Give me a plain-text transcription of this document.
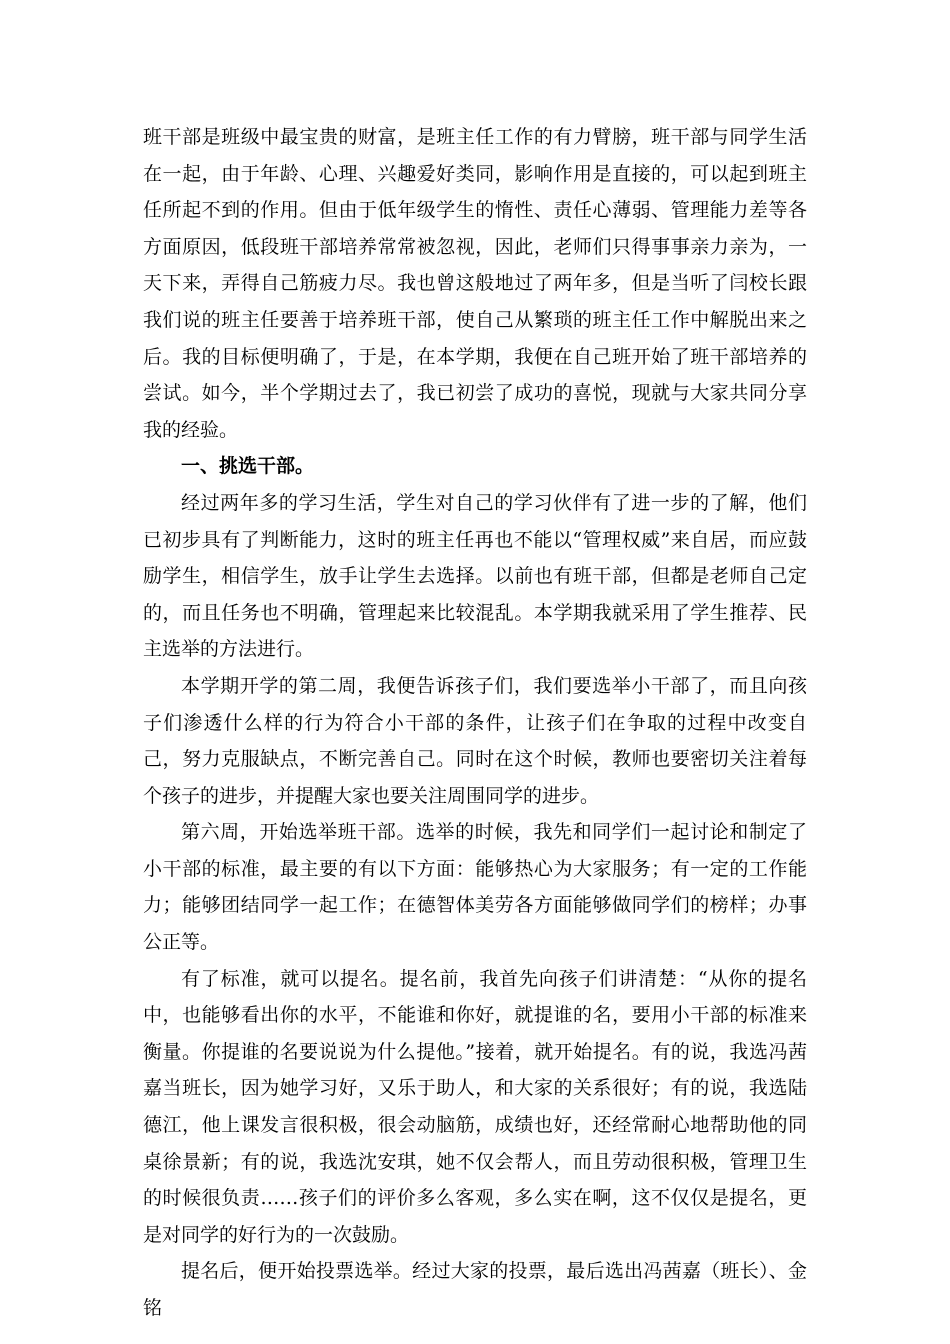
班干部是班级中最宝贵的财富，是班主任工作的有力臂膀，班干部与同学生活在一起，由于年龄、心理、兴趣爱好类同，影响作用是直接的，可以起到班主任所起不到的作用。但由于低年级学生的惰性、责任心薄弱、管理能力差等各方面原因，低段班干部培养常常被忽视，因此，老师们只得事事亲力亲为，一天下来，弄得自己筋疲力尽。我也曾这般地过了两年多，但是当听了闫校长跟我们说的班主任要善于培养班干部，使自己从繁琐的班主任工作中解脱出来之后。我的目标便明确了，于是，在本学期，我便在自己班开始了班干部培养的尝试。如今，半个学期过去了，我已初尝了成功的喜悦，现就与大家共同分享我的经验。

一、挑选干部。

经过两年多的学习生活，学生对自己的学习伙伴有了进一步的了解，他们已初步具有了判断能力，这时的班主任再也不能以“管理权威”来自居，而应鼓励学生，相信学生，放手让学生去选择。以前也有班干部，但都是老师自己定的，而且任务也不明确，管理起来比较混乱。本学期我就采用了学生推荐、民主选举的方法进行。

本学期开学的第二周，我便告诉孩子们，我们要选举小干部了，而且向孩子们渗透什么样的行为符合小干部的条件，让孩子们在争取的过程中改变自己，努力克服缺点，不断完善自己。同时在这个时候，教师也要密切关注着每个孩子的进步，并提醒大家也要关注周围同学的进步。

第六周，开始选举班干部。选举的时候，我先和同学们一起讨论和制定了小干部的标准，最主要的有以下方面：能够热心为大家服务；有一定的工作能力；能够团结同学一起工作；在德智体美劳各方面能够做同学们的榜样；办事公正等。

有了标准，就可以提名。提名前，我首先向孩子们讲清楚：“从你的提名中，也能够看出你的水平，不能谁和你好，就提谁的名，要用小干部的标准来衡量。你提谁的名要说说为什么提他。”接着，就开始提名。有的说，我选冯茜嘉当班长，因为她学习好，又乐于助人，和大家的关系很好；有的说，我选陆德江，他上课发言很积极，很会动脑筋，成绩也好，还经常耐心地帮助他的同桌徐景新；有的说，我选沈安琪，她不仅会帮人，而且劳动很积极，管理卫生的时候很负责……孩子们的评价多么客观，多么实在啊，这不仅仅是提名，更是对同学的好行为的一次鼓励。

提名后，便开始投票选举。经过大家的投票，最后选出冯茜嘉（班长）、金铭
